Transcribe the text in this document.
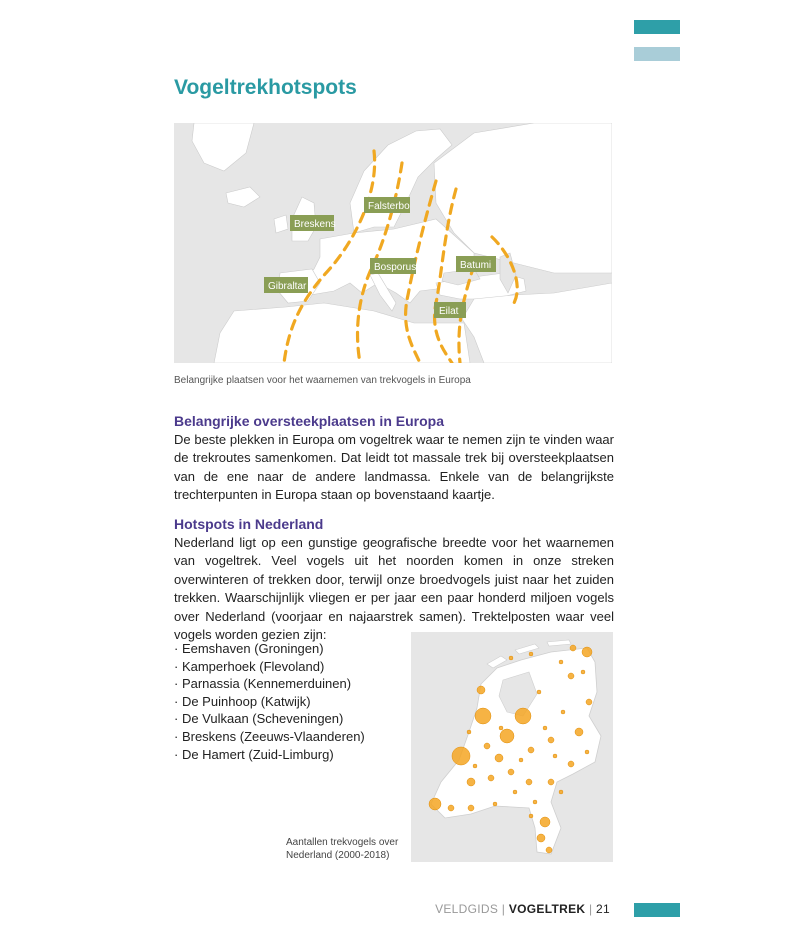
Vogeltrekhotspots
Breskens
Falsterbo
Gibraltar
Bosporus	Batumi
Eilat
Belangrijke plaatsen voor het waarnemen van trekvogels in Europa
Belangrijke oversteekplaatsen in Europa

De beste plekken in Europa om vogeltrek waar te nemen zijn te vinden waar de trekroutes samenkomen. Dat leidt tot massale trek bij oversteekplaatsen van de ene naar de andere landmassa. Enkele van de belangrijkste trechterpunten in Europa staan op bovenstaand kaartje.

Hotspots in Nederland

Nederland ligt op een gunstige geografische breedte voor het waarnemen van vogeltrek. Veel vogels uit het noorden komen in onze streken overwinteren of trekken door, terwijl onze broedvogels juist naar het zuiden trekken. Waarschijnlijk vliegen er per jaar een paar honderd miljoen vogels over Nederland (voorjaar en najaarstrek samen). Trektelposten waar veel vogels worden gezien zijn:

· Eemshaven (Groningen)
· Kamperhoek (Flevoland)
· Parnassia (Kennemerduinen)
· De Puinhoop (Katwijk)
· De Vulkaan (Scheveningen)
· Breskens (Zeeuws-Vlaanderen)
· De Hamert (Zuid-Limburg)
Aantallen trekvogels over Nederland (2000-2018)
VELDGIDS | VOGELTREK | 21
